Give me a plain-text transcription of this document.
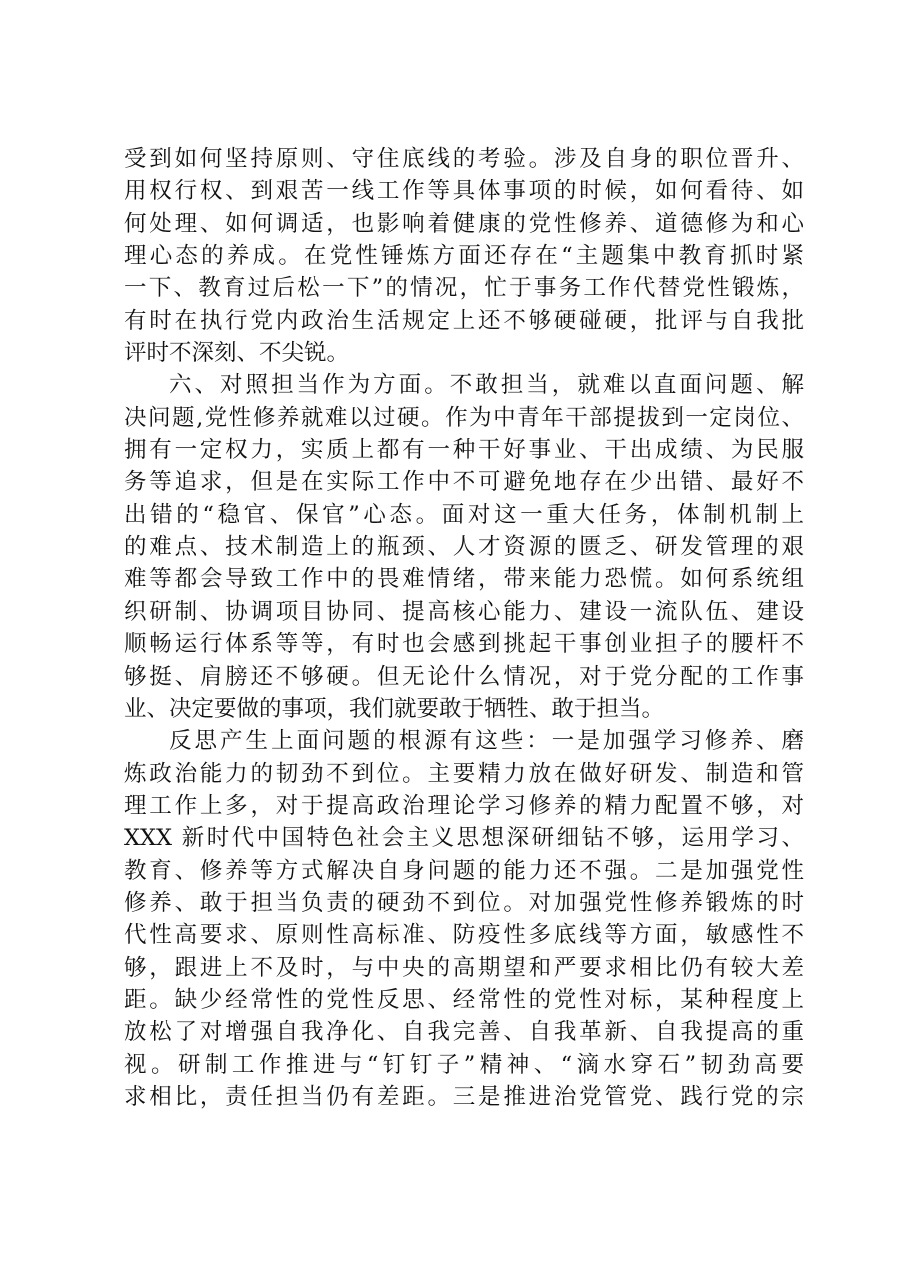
受到如何坚持原则、守住底线的考验。涉及自身的职位晋升、
用权行权、到艰苦一线工作等具体事项的时候，如何看待、如
何处理、如何调适，也影响着健康的党性修养、道德修为和心
理心态的养成。在党性锤炼方面还存在“主题集中教育抓时紧
一下、教育过后松一下”的情况，忙于事务工作代替党性锻炼，
有时在执行党内政治生活规定上还不够硬碰硬，批评与自我批
评时不深刻、不尖锐。
六、对照担当作为方面。不敢担当，就难以直面问题、解
决问题,党性修养就难以过硬。作为中青年干部提拔到一定岗位、
拥有一定权力，实质上都有一种干好事业、干出成绩、为民服
务等追求，但是在实际工作中不可避免地存在少出错、最好不
出错的“稳官、保官”心态。面对这一重大任务，体制机制上
的难点、技术制造上的瓶颈、人才资源的匮乏、研发管理的艰
难等都会导致工作中的畏难情绪，带来能力恐慌。如何系统组
织研制、协调项目协同、提高核心能力、建设一流队伍、建设
顺畅运行体系等等，有时也会感到挑起干事创业担子的腰杆不
够挺、肩膀还不够硬。但无论什么情况，对于党分配的工作事
业、决定要做的事项，我们就要敢于牺牲、敢于担当。
反思产生上面问题的根源有这些：一是加强学习修养、磨
炼政治能力的韧劲不到位。主要精力放在做好研发、制造和管
理工作上多，对于提高政治理论学习修养的精力配置不够，对
XXX 新时代中国特色社会主义思想深研细钻不够，运用学习、
教育、修养等方式解决自身问题的能力还不强。二是加强党性
修养、敢于担当负责的硬劲不到位。对加强党性修养锻炼的时
代性高要求、原则性高标准、防疫性多底线等方面，敏感性不
够，跟进上不及时，与中央的高期望和严要求相比仍有较大差
距。缺少经常性的党性反思、经常性的党性对标，某种程度上
放松了对增强自我净化、自我完善、自我革新、自我提高的重
视。研制工作推进与“钉钉子”精神、“滴水穿石”韧劲高要
求相比，责任担当仍有差距。三是推进治党管党、践行党的宗
